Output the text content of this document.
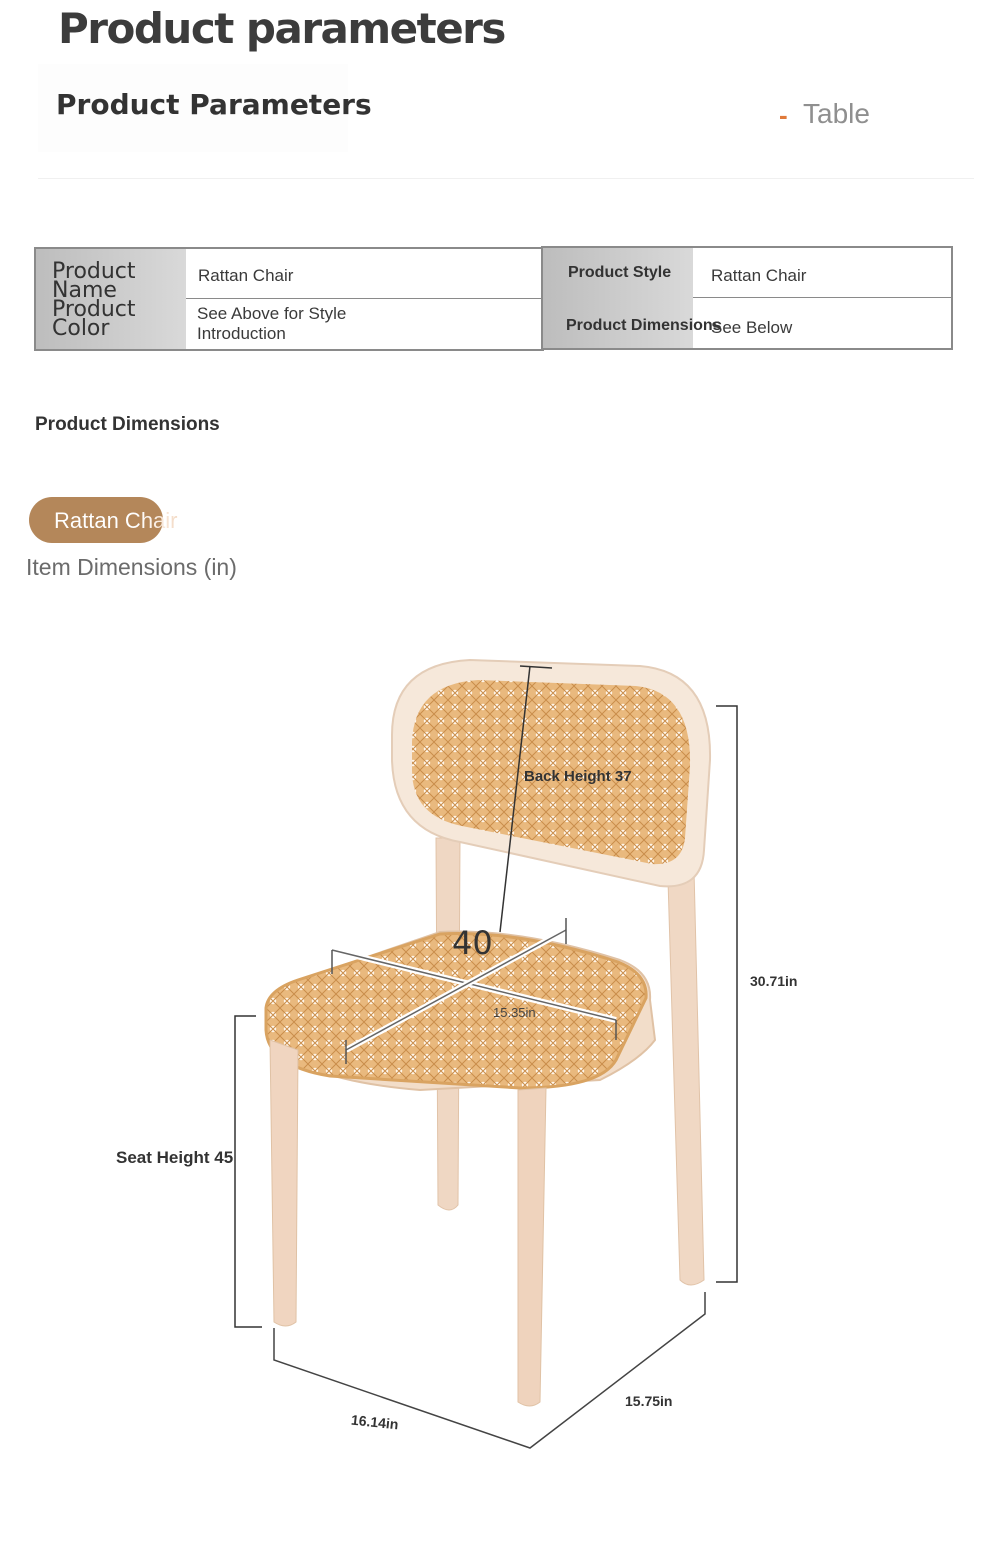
Product parameters
Product Parameters	- Table
Product
Name
Product
Color
Rattan Chair
See Above for Style
Introduction
Product Style Rattan Chair
Product Dimensions
See Below
Product Dimensions
Rattan Chair
Item Dimensions (in)
Back Height 37
40
15.35in
30.71in
Seat Height 45
16.14in
15.75in
